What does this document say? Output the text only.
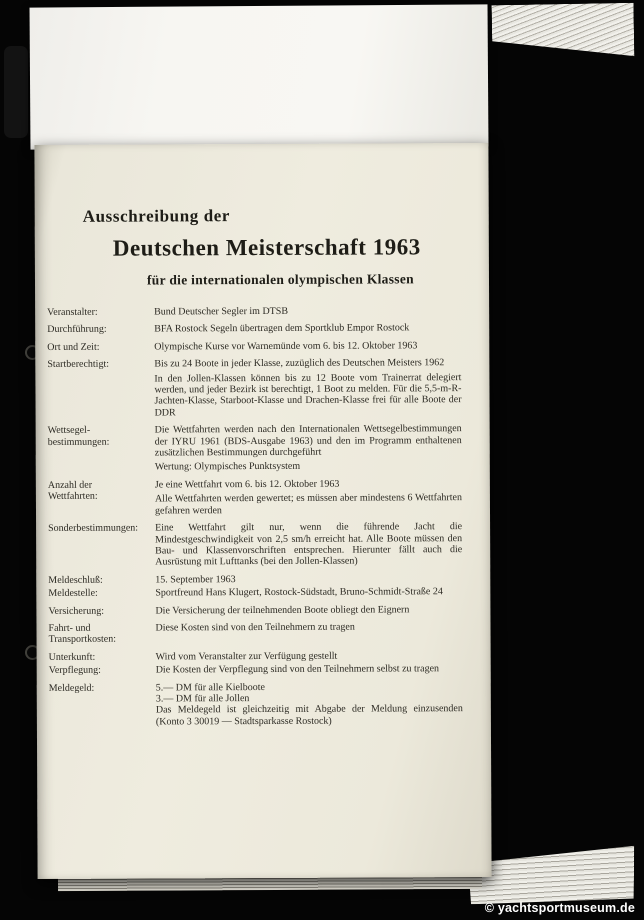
Ausschreibung der
Deutschen Meisterschaft 1963
für die internationalen olympischen Klassen
Veranstalter:	Bund Deutscher Segler im DTSB

Durchführung:	BFA Rostock Segeln übertragen dem Sportklub Empor Rostock

Ort und Zeit:	Olympische Kurse vor Warnemünde vom 6. bis 12. Oktober 1963

Startberechtigt:	Bis zu 24 Boote in jeder Klasse, zuzüglich des Deutschen Meisters 1962

In den Jollen-Klassen können bis zu 12 Boote vom Trainerrat delegiert werden, und jeder Bezirk ist berechtigt, 1 Boot zu melden. Für die 5,5-m-R-Jachten-Klasse, Starboot-Klasse und Drachen-Klasse frei für alle Boote der DDR

Wettsegel-
bestimmungen:

Die Wettfahrten werden nach den Internationalen Wettsegelbestimmungen der IYRU 1961 (BDS-Ausgabe 1963) und den im Programm enthaltenen zusätzlichen Bestimmungen durchgeführt

Wertung: Olympisches Punktsystem

Anzahl der
Wettfahrten:

Je eine Wettfahrt vom 6. bis 12. Oktober 1963

Alle Wettfahrten werden gewertet; es müssen aber mindestens 6 Wettfahrten gefahren werden

Sonderbestimmungen:	Eine Wettfahrt gilt nur, wenn die führende Jacht die Mindestgeschwindigkeit von 2,5 sm/h erreicht hat. Alle Boote müssen den Bau- und Klassenvorschriften entsprechen. Hierunter fällt auch die Ausrüstung mit Lufttanks (bei den Jollen-Klassen)

Meldeschluß:	15. September 1963

Meldestelle:	Sportfreund Hans Klugert, Rostock-Südstadt, Bruno-Schmidt-Straße 24

Versicherung:	Die Versicherung der teilnehmenden Boote obliegt den Eignern

Fahrt- und
Transportkosten:

Diese Kosten sind von den Teilnehmern zu tragen

Unterkunft:	Wird vom Veranstalter zur Verfügung gestellt

Verpflegung:	Die Kosten der Verpflegung sind von den Teilnehmern selbst zu tragen

Meldegeld:	5.— DM für alle Kielboote

3.— DM für alle Jollen

Das Meldegeld ist gleichzeitig mit Abgabe der Meldung einzusenden (Konto 3 30019 — Stadtsparkasse Rostock)

© yachtsportmuseum.de
